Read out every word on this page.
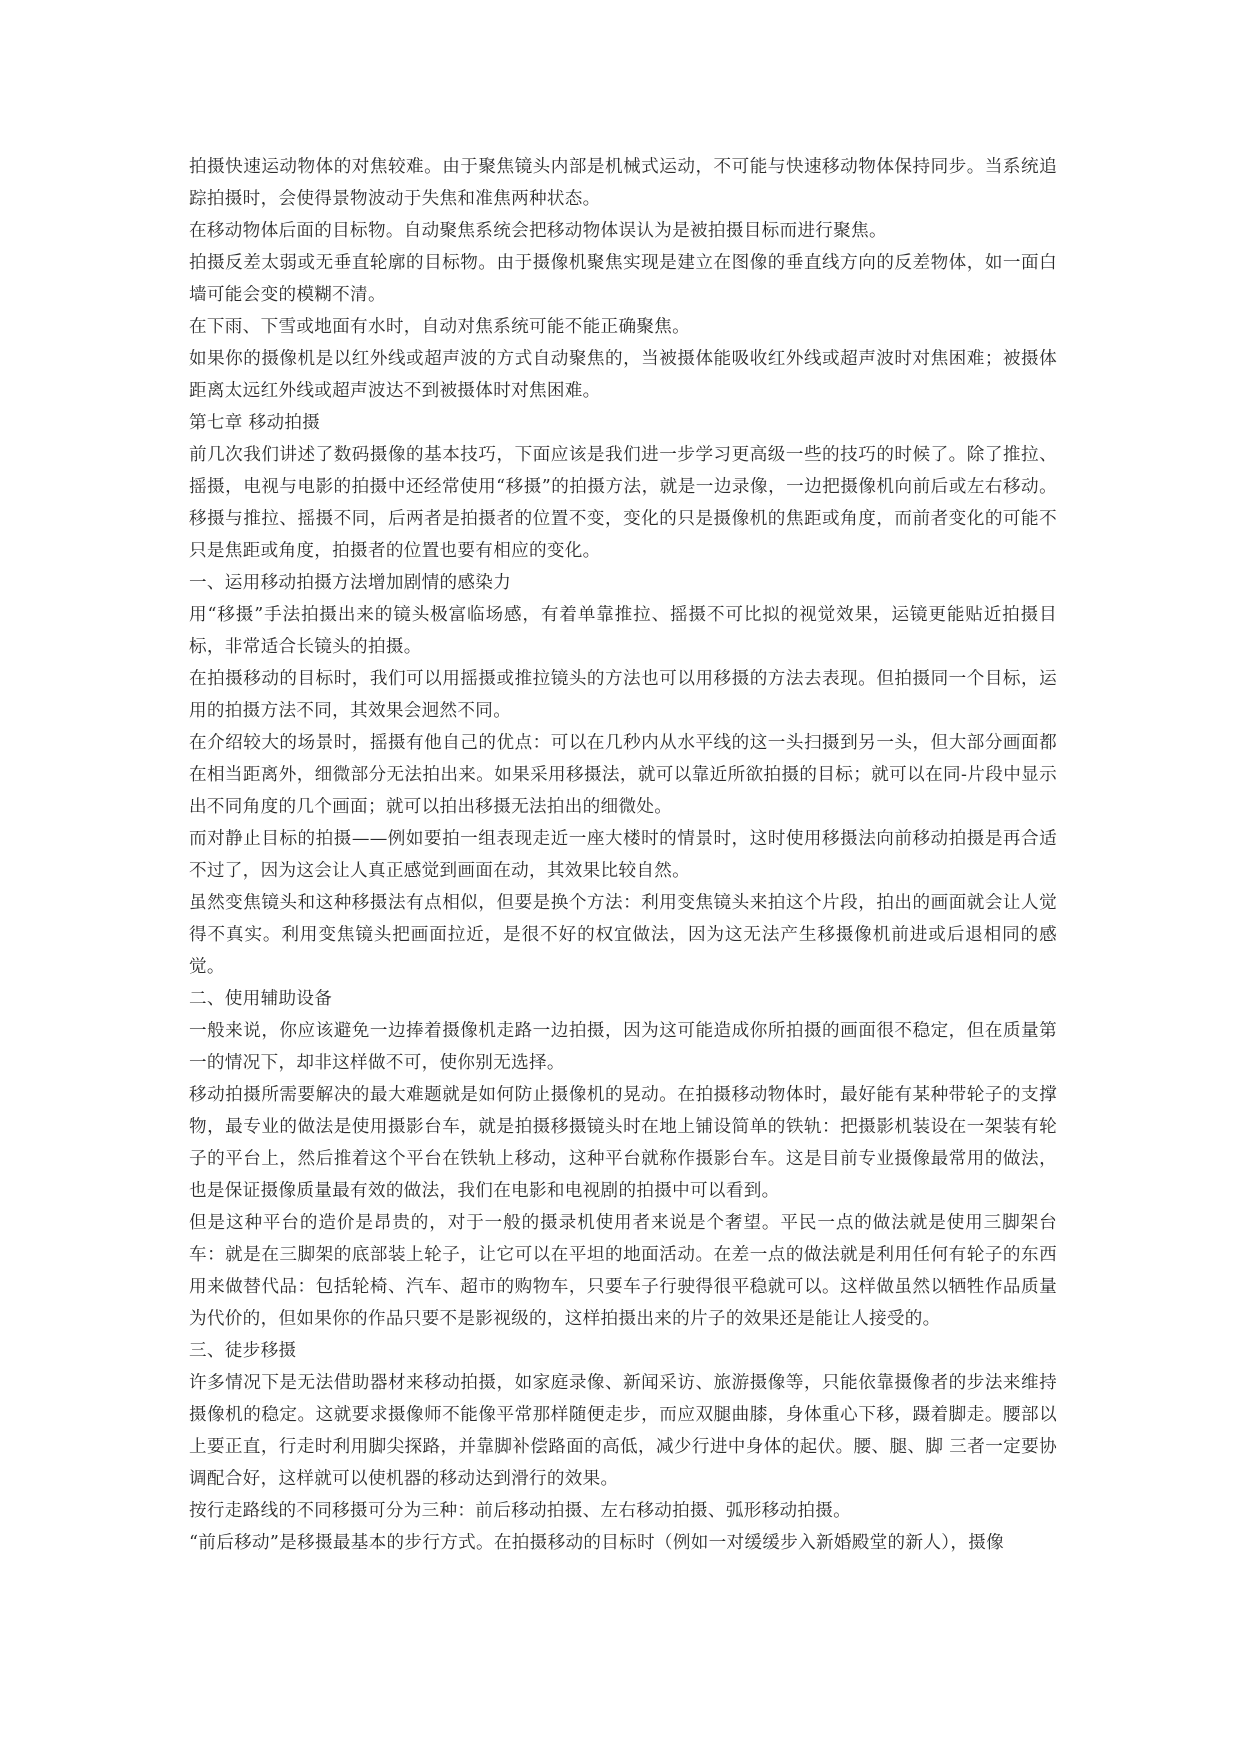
拍摄快速运动物体的对焦较难。由于聚焦镜头内部是机械式运动，不可能与快速移动物体保持同步。当系统追踪拍摄时，会使得景物波动于失焦和准焦两种状态。

在移动物体后面的目标物。自动聚焦系统会把移动物体误认为是被拍摄目标而进行聚焦。

拍摄反差太弱或无垂直轮廓的目标物。由于摄像机聚焦实现是建立在图像的垂直线方向的反差物体，如一面白墙可能会变的模糊不清。

在下雨、下雪或地面有水时，自动对焦系统可能不能正确聚焦。

如果你的摄像机是以红外线或超声波的方式自动聚焦的，当被摄体能吸收红外线或超声波时对焦困难；被摄体距离太远红外线或超声波达不到被摄体时对焦困难。

第七章 移动拍摄

前几次我们讲述了数码摄像的基本技巧，下面应该是我们进一步学习更高级一些的技巧的时候了。除了推拉、摇摄，电视与电影的拍摄中还经常使用“移摄”的拍摄方法，就是一边录像，一边把摄像机向前后或左右移动。移摄与推拉、摇摄不同，后两者是拍摄者的位置不变，变化的只是摄像机的焦距或角度，而前者变化的可能不只是焦距或角度，拍摄者的位置也要有相应的变化。

一、运用移动拍摄方法增加剧情的感染力

用“移摄”手法拍摄出来的镜头极富临场感，有着单靠推拉、摇摄不可比拟的视觉效果，运镜更能贴近拍摄目标，非常适合长镜头的拍摄。

在拍摄移动的目标时，我们可以用摇摄或推拉镜头的方法也可以用移摄的方法去表现。但拍摄同一个目标，运用的拍摄方法不同，其效果会迥然不同。

在介绍较大的场景时，摇摄有他自己的优点：可以在几秒内从水平线的这一头扫摄到另一头，但大部分画面都在相当距离外，细微部分无法拍出来。如果采用移摄法，就可以靠近所欲拍摄的目标；就可以在同-片段中显示出不同角度的几个画面；就可以拍出移摄无法拍出的细微处。

而对静止目标的拍摄——例如要拍一组表现走近一座大楼时的情景时，这时使用移摄法向前移动拍摄是再合适不过了，因为这会让人真正感觉到画面在动，其效果比较自然。

虽然变焦镜头和这种移摄法有点相似，但要是换个方法：利用变焦镜头来拍这个片段，拍出的画面就会让人觉得不真实。利用变焦镜头把画面拉近，是很不好的权宜做法，因为这无法产生移摄像机前进或后退相同的感觉。

二、使用辅助设备

一般来说，你应该避免一边捧着摄像机走路一边拍摄，因为这可能造成你所拍摄的画面很不稳定，但在质量第一的情况下，却非这样做不可，使你别无选择。

移动拍摄所需要解决的最大难题就是如何防止摄像机的晃动。在拍摄移动物体时，最好能有某种带轮子的支撑物，最专业的做法是使用摄影台车，就是拍摄移摄镜头时在地上铺设简单的铁轨：把摄影机装设在一架装有轮子的平台上，然后推着这个平台在铁轨上移动，这种平台就称作摄影台车。这是目前专业摄像最常用的做法，也是保证摄像质量最有效的做法，我们在电影和电视剧的拍摄中可以看到。

但是这种平台的造价是昂贵的，对于一般的摄录机使用者来说是个奢望。平民一点的做法就是使用三脚架台车：就是在三脚架的底部装上轮子，让它可以在平坦的地面活动。在差一点的做法就是利用任何有轮子的东西用来做替代品：包括轮椅、汽车、超市的购物车，只要车子行驶得很平稳就可以。这样做虽然以牺牲作品质量为代价的，但如果你的作品只要不是影视级的，这样拍摄出来的片子的效果还是能让人接受的。

三、徒步移摄

许多情况下是无法借助器材来移动拍摄，如家庭录像、新闻采访、旅游摄像等，只能依靠摄像者的步法来维持摄像机的稳定。这就要求摄像师不能像平常那样随便走步，而应双腿曲膝，身体重心下移，蹑着脚走。腰部以上要正直，行走时利用脚尖探路，并靠脚补偿路面的高低，减少行进中身体的起伏。腰、腿、脚 三者一定要协调配合好，这样就可以使机器的移动达到滑行的效果。

按行走路线的不同移摄可分为三种：前后移动拍摄、左右移动拍摄、弧形移动拍摄。

“前后移动”是移摄最基本的步行方式。在拍摄移动的目标时（例如一对缓缓步入新婚殿堂的新人），摄像
